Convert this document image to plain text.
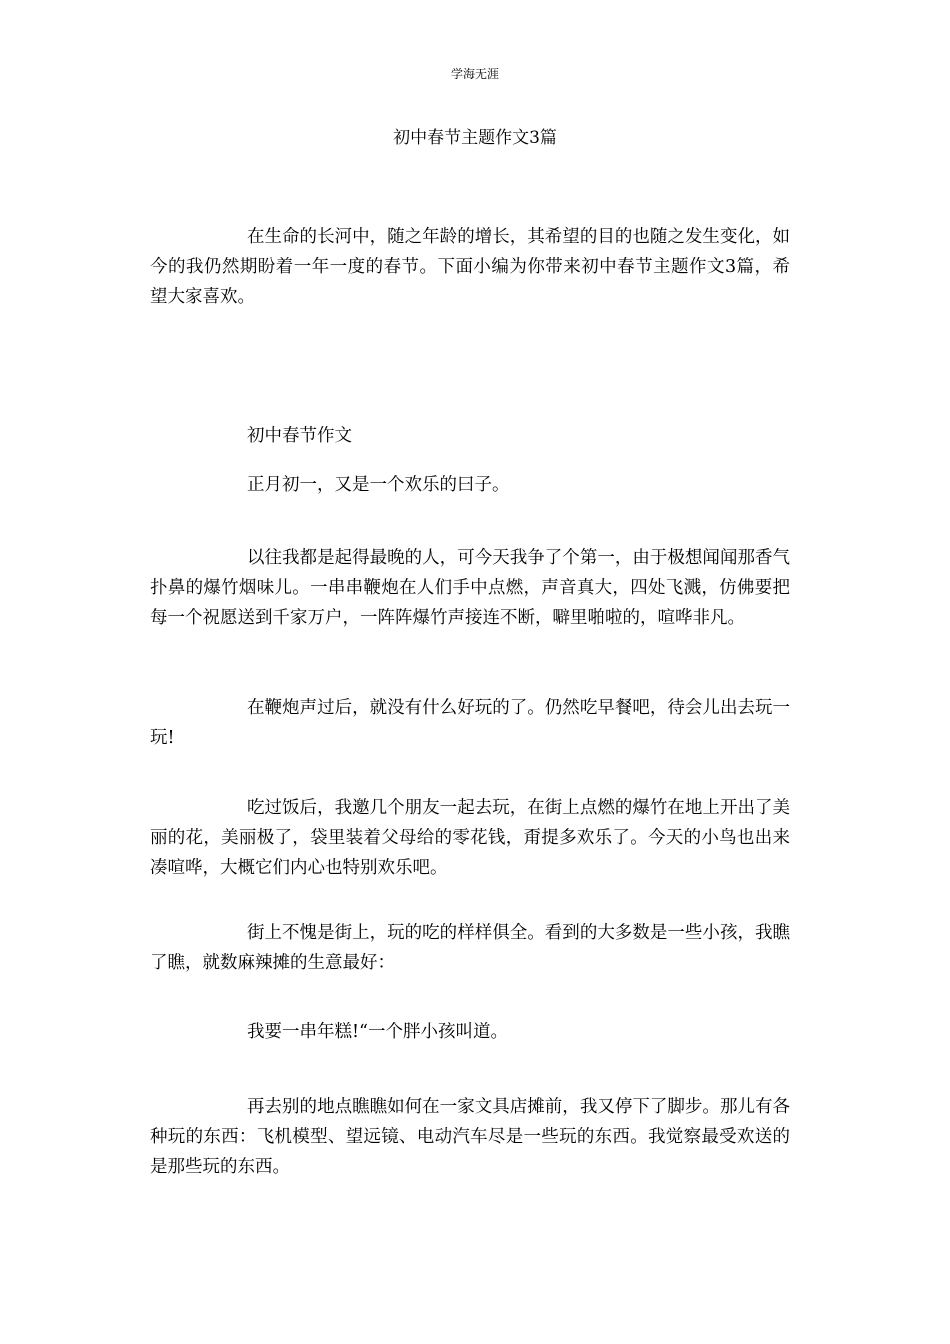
学海无涯
初中春节主题作文3篇

在生命的长河中，随之年龄的增长，其希望的目的也随之发生变化，如今的我仍然期盼着一年一度的春节。下面小编为你带来初中春节主题作文3篇，希望大家喜欢。

初中春节作文

正月初一，又是一个欢乐的曰子。

以往我都是起得最晚的人，可今天我争了个第一，由于极想闻闻那香气扑鼻的爆竹烟味儿。一串串鞭炮在人们手中点燃，声音真大，四处飞溅，仿佛要把每一个祝愿送到千家万户，一阵阵爆竹声接连不断，噼里啪啦的，喧哗非凡。

在鞭炮声过后，就没有什么好玩的了。仍然吃早餐吧，待会儿出去玩一玩!

吃过饭后，我邀几个朋友一起去玩，在街上点燃的爆竹在地上开出了美丽的花，美丽极了，袋里装着父母给的零花钱，甭提多欢乐了。今天的小鸟也出来凑喧哗，大概它们内心也特别欢乐吧。

街上不愧是街上，玩的吃的样样俱全。看到的大多数是一些小孩，我瞧了瞧，就数麻辣摊的生意最好：

我要一串年糕!“一个胖小孩叫道。

再去别的地点瞧瞧如何在一家文具店摊前，我又停下了脚步。那儿有各种玩的东西：飞机模型、望远镜、电动汽车尽是一些玩的东西。我觉察最受欢送的是那些玩的东西。
